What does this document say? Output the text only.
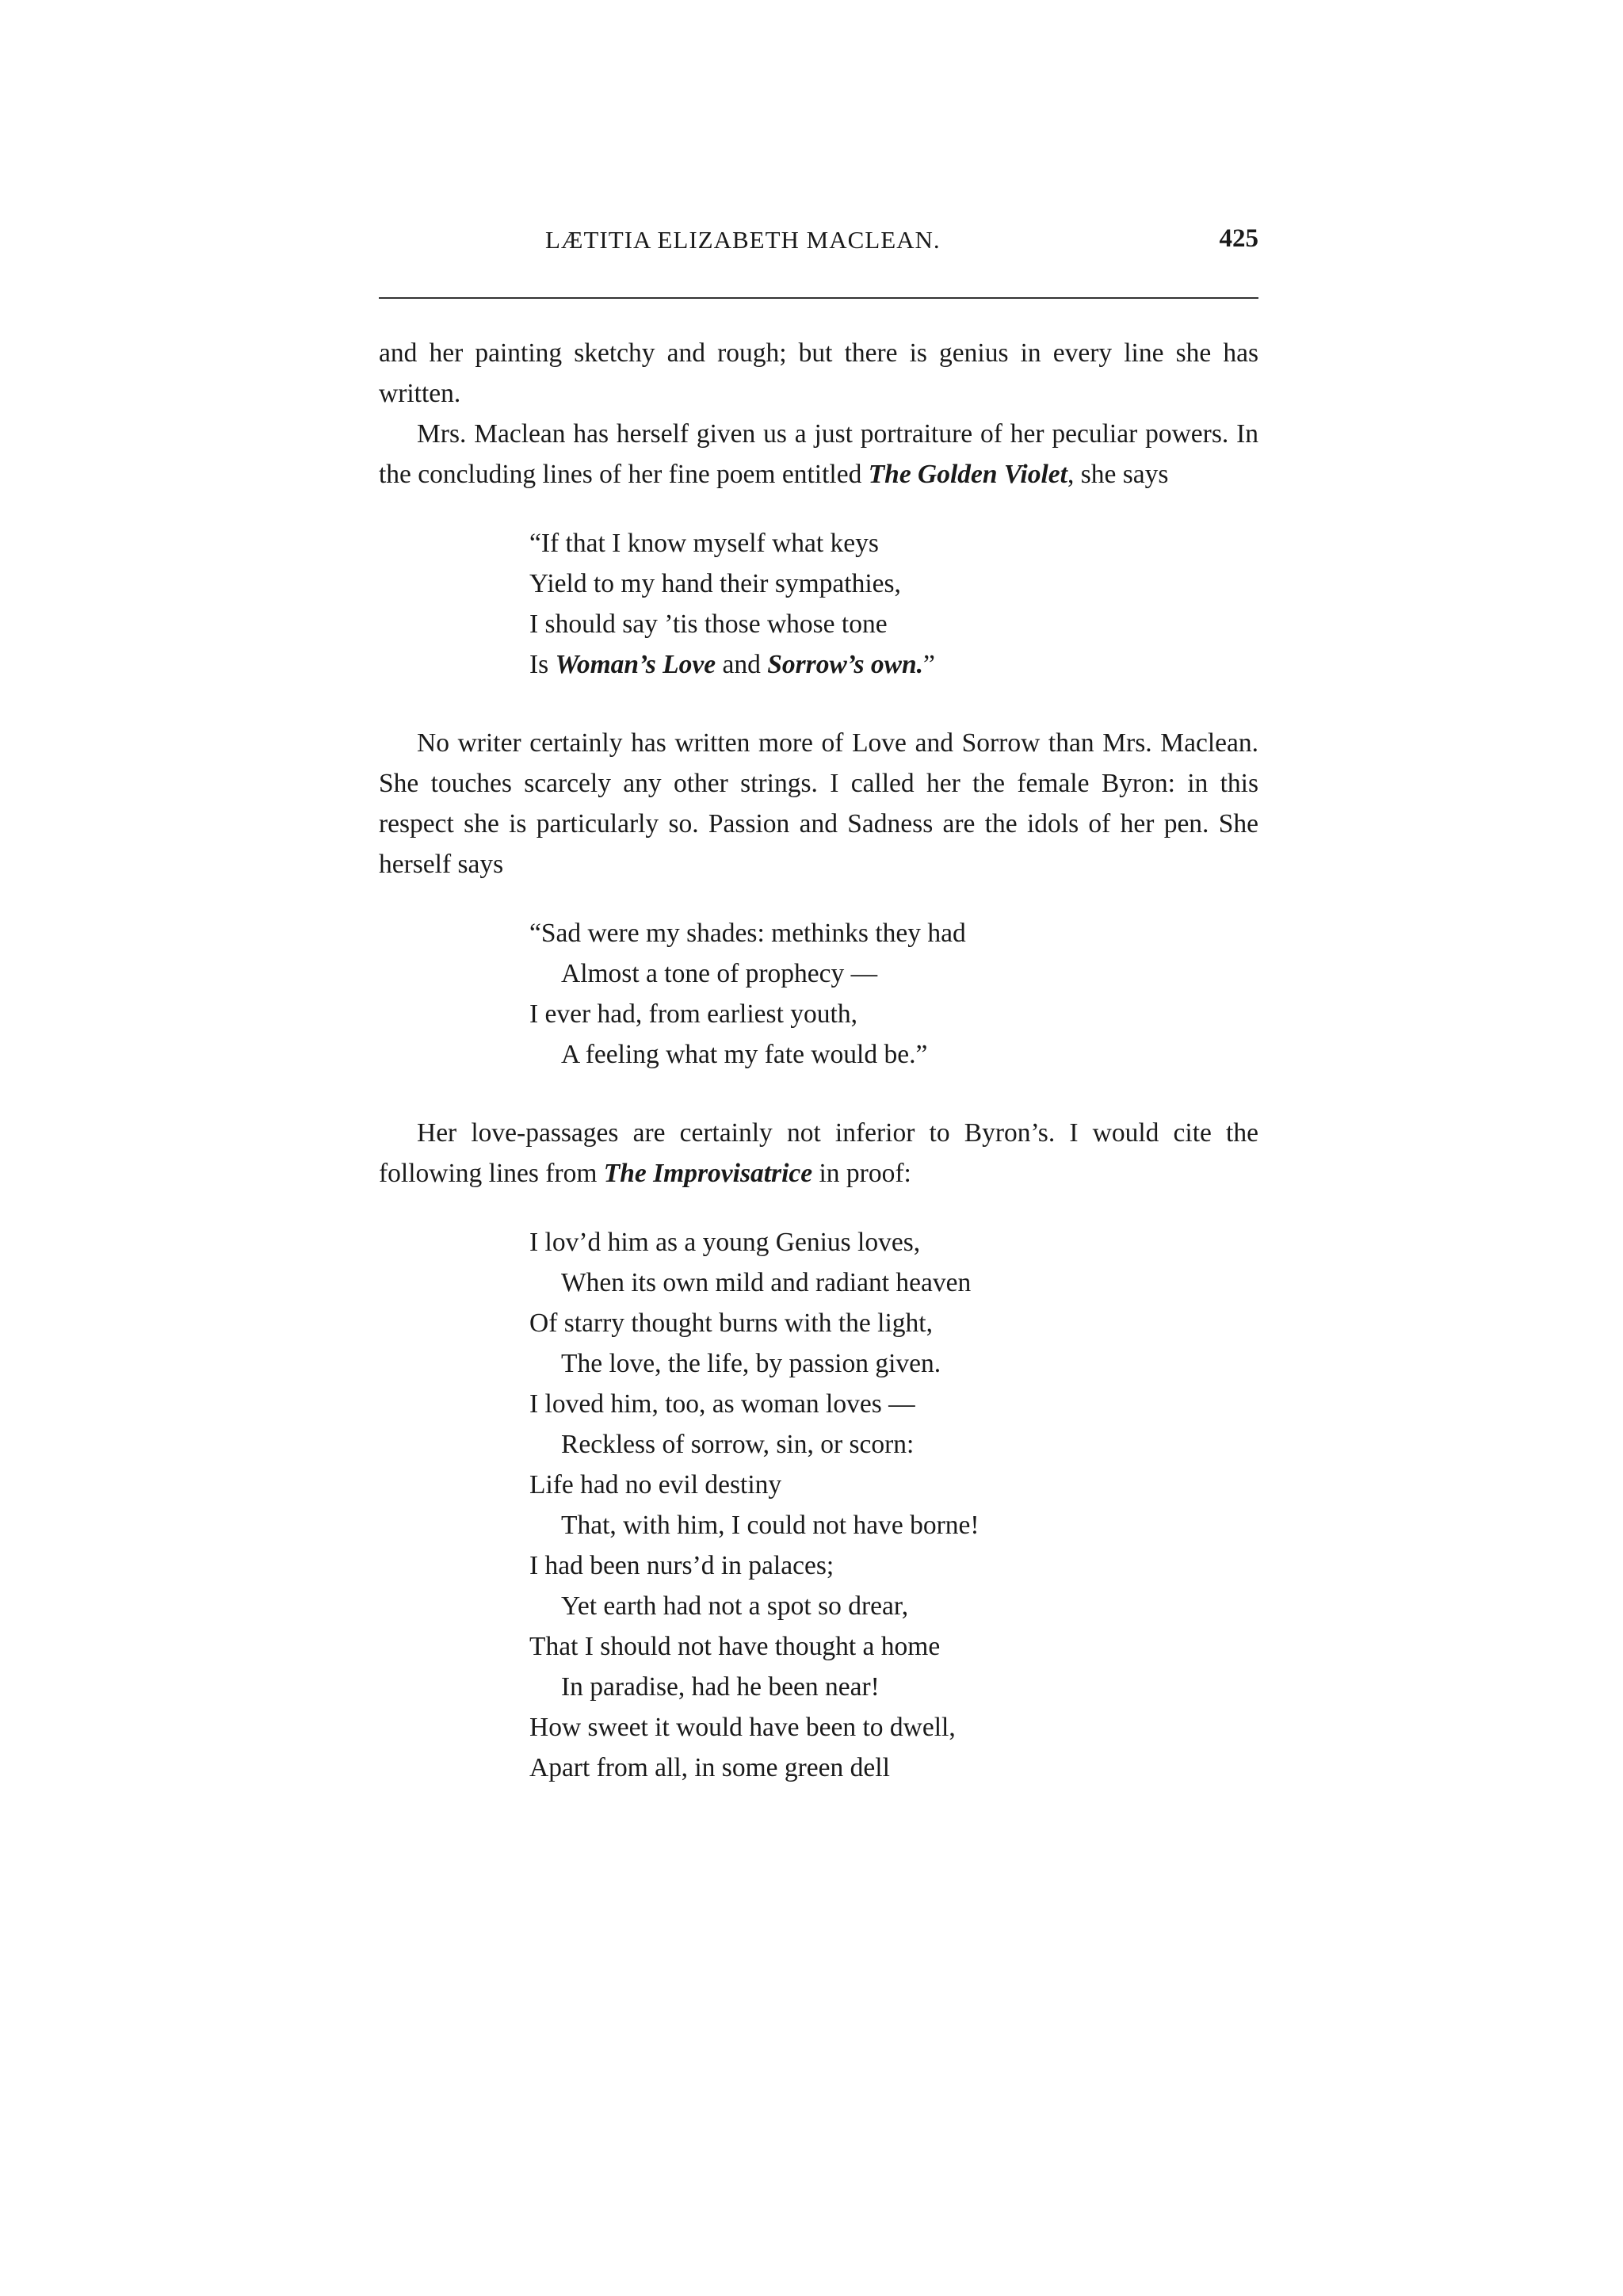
LÆTITIA ELIZABETH MACLEAN.	425

and her painting sketchy and rough; but there is genius in every line she has written.

Mrs. Maclean has herself given us a just portraiture of her peculiar powers. In the concluding lines of her fine poem entitled The Golden Violet, she says

“If that I know myself what keys
Yield to my hand their sympathies,
I should say ’tis those whose tone
Is Woman’s Love and Sorrow’s own.”

No writer certainly has written more of Love and Sorrow than Mrs. Maclean. She touches scarcely any other strings. I called her the female Byron: in this respect she is particularly so. Passion and Sadness are the idols of her pen. She herself says

“Sad were my shades: methinks they had
Almost a tone of prophecy —
I ever had, from earliest youth,
A feeling what my fate would be.”

Her love-passages are certainly not inferior to Byron’s. I would cite the following lines from The Improvisatrice in proof:

I lov’d him as a young Genius loves,
When its own mild and radiant heaven
Of starry thought burns with the light,
The love, the life, by passion given.
I loved him, too, as woman loves —
Reckless of sorrow, sin, or scorn:
Life had no evil destiny
That, with him, I could not have borne!
I had been nurs’d in palaces;
Yet earth had not a spot so drear,
That I should not have thought a home
In paradise, had he been near!
How sweet it would have been to dwell,
Apart from all, in some green dell
